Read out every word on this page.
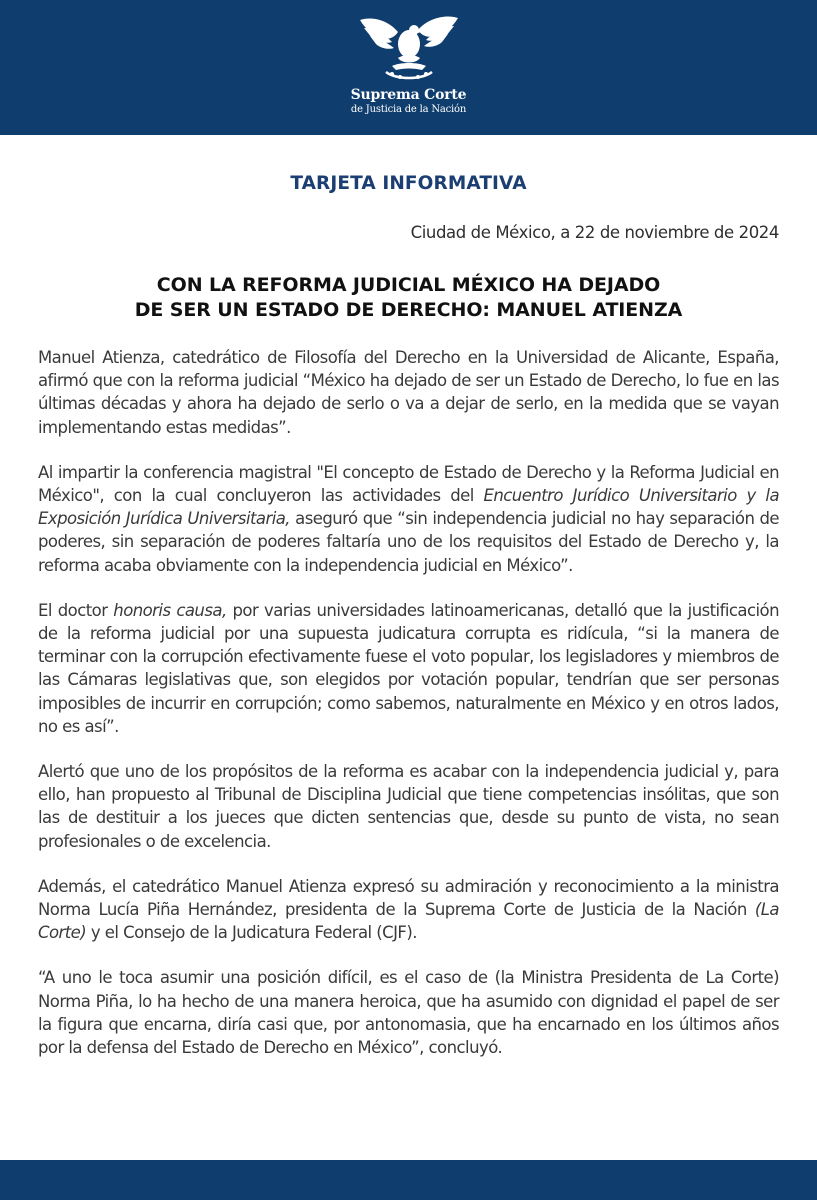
Suprema Corte
de Justicia de la Nación
TARJETA INFORMATIVA
Ciudad de México, a 22 de noviembre de 2024
CON LA REFORMA JUDICIAL MÉXICO HA DEJADO
DE SER UN ESTADO DE DERECHO: MANUEL ATIENZA

Manuel Atienza, catedrático de Filosofía del Derecho en la Universidad de Alicante, España, afirmó que con la reforma judicial “México ha dejado de ser un Estado de Derecho, lo fue en las últimas décadas y ahora ha dejado de serlo o va a dejar de serlo, en la medida que se vayan implementando estas medidas”.

Al impartir la conferencia magistral "El concepto de Estado de Derecho y la Reforma Judicial en México", con la cual concluyeron las actividades del Encuentro Jurídico Universitario y la Exposición Jurídica Universitaria, aseguró que “sin independencia judicial no hay separación de poderes, sin separación de poderes faltaría uno de los requisitos del Estado de Derecho y, la reforma acaba obviamente con la independencia judicial en México”.

El doctor honoris causa, por varias universidades latinoamericanas, detalló que la justificación de la reforma judicial por una supuesta judicatura corrupta es ridícula, “si la manera de terminar con la corrupción efectivamente fuese el voto popular, los legisladores y miembros de las Cámaras legislativas que, son elegidos por votación popular, tendrían que ser personas imposibles de incurrir en corrupción; como sabemos, naturalmente en México y en otros lados, no es así”.

Alertó que uno de los propósitos de la reforma es acabar con la independencia judicial y, para ello, han propuesto al Tribunal de Disciplina Judicial que tiene competencias insólitas, que son las de destituir a los jueces que dicten sentencias que, desde su punto de vista, no sean profesionales o de excelencia.

Además, el catedrático Manuel Atienza expresó su admiración y reconocimiento a la ministra Norma Lucía Piña Hernández, presidenta de la Suprema Corte de Justicia de la Nación (La Corte) y el Consejo de la Judicatura Federal (CJF).

“A uno le toca asumir una posición difícil, es el caso de (la Ministra Presidenta de La Corte) Norma Piña, lo ha hecho de una manera heroica, que ha asumido con dignidad el papel de ser la figura que encarna, diría casi que, por antonomasia, que ha encarnado en los últimos años por la defensa del Estado de Derecho en México”, concluyó.
